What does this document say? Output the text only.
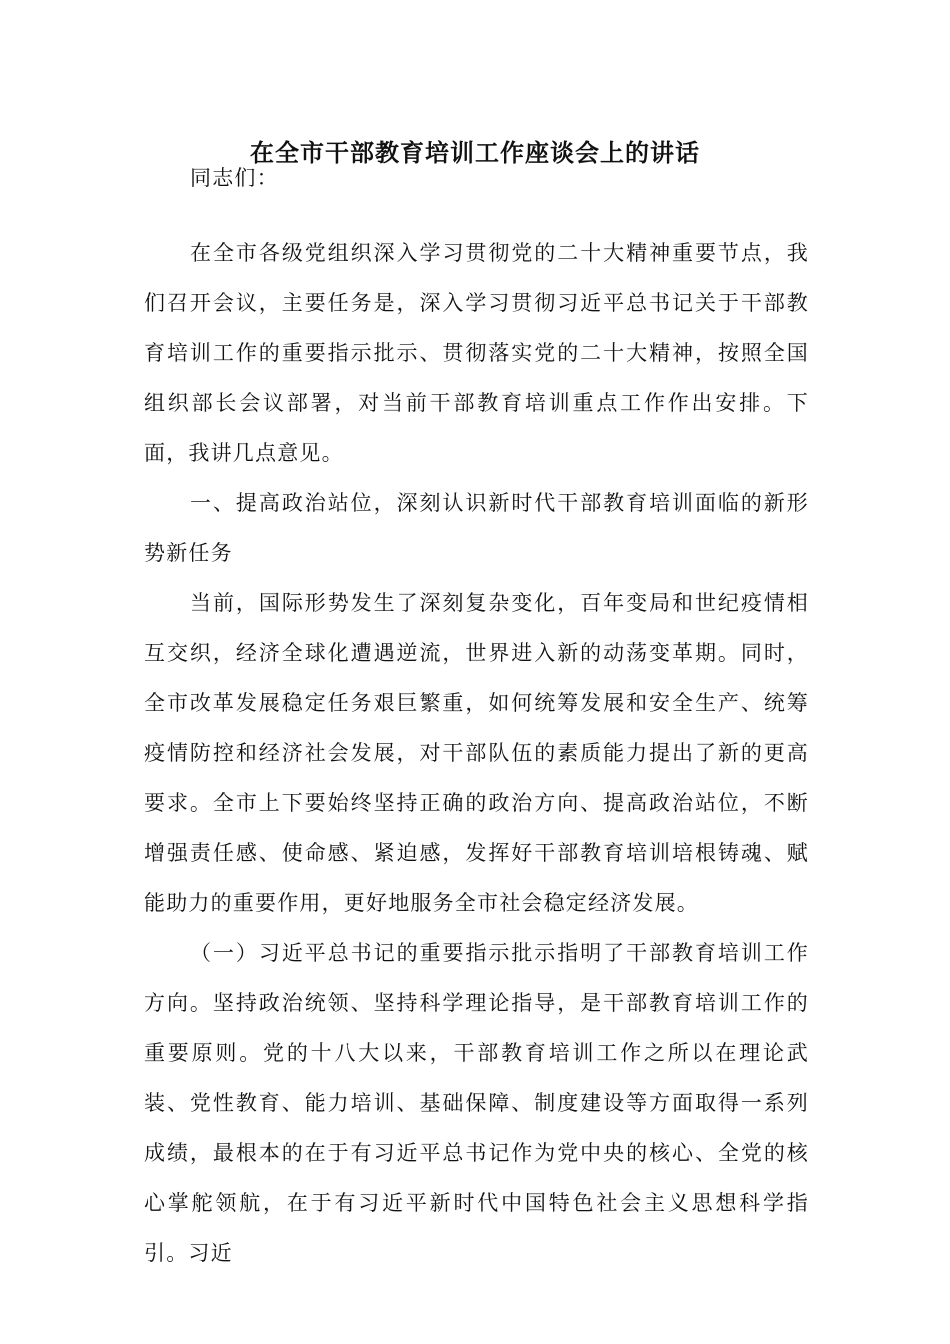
在全市干部教育培训工作座谈会上的讲话

同志们：

在全市各级党组织深入学习贯彻党的二十大精神重要节点，我们召开会议，主要任务是，深入学习贯彻习近平总书记关于干部教育培训工作的重要指示批示、贯彻落实党的二十大精神，按照全国组织部长会议部署，对当前干部教育培训重点工作作出安排。下面，我讲几点意见。

一、提高政治站位，深刻认识新时代干部教育培训面临的新形势新任务

当前，国际形势发生了深刻复杂变化，百年变局和世纪疫情相互交织，经济全球化遭遇逆流，世界进入新的动荡变革期。同时，全市改革发展稳定任务艰巨繁重，如何统筹发展和安全生产、统筹疫情防控和经济社会发展，对干部队伍的素质能力提出了新的更高要求。全市上下要始终坚持正确的政治方向、提高政治站位，不断增强责任感、使命感、紧迫感，发挥好干部教育培训培根铸魂、赋能助力的重要作用，更好地服务全市社会稳定经济发展。

（一）习近平总书记的重要指示批示指明了干部教育培训工作方向。坚持政治统领、坚持科学理论指导，是干部教育培训工作的重要原则。党的十八大以来，干部教育培训工作之所以在理论武装、党性教育、能力培训、基础保障、制度建设等方面取得一系列成绩，最根本的在于有习近平总书记作为党中央的核心、全党的核心掌舵领航，在于有习近平新时代中国特色社会主义思想科学指引。习近
